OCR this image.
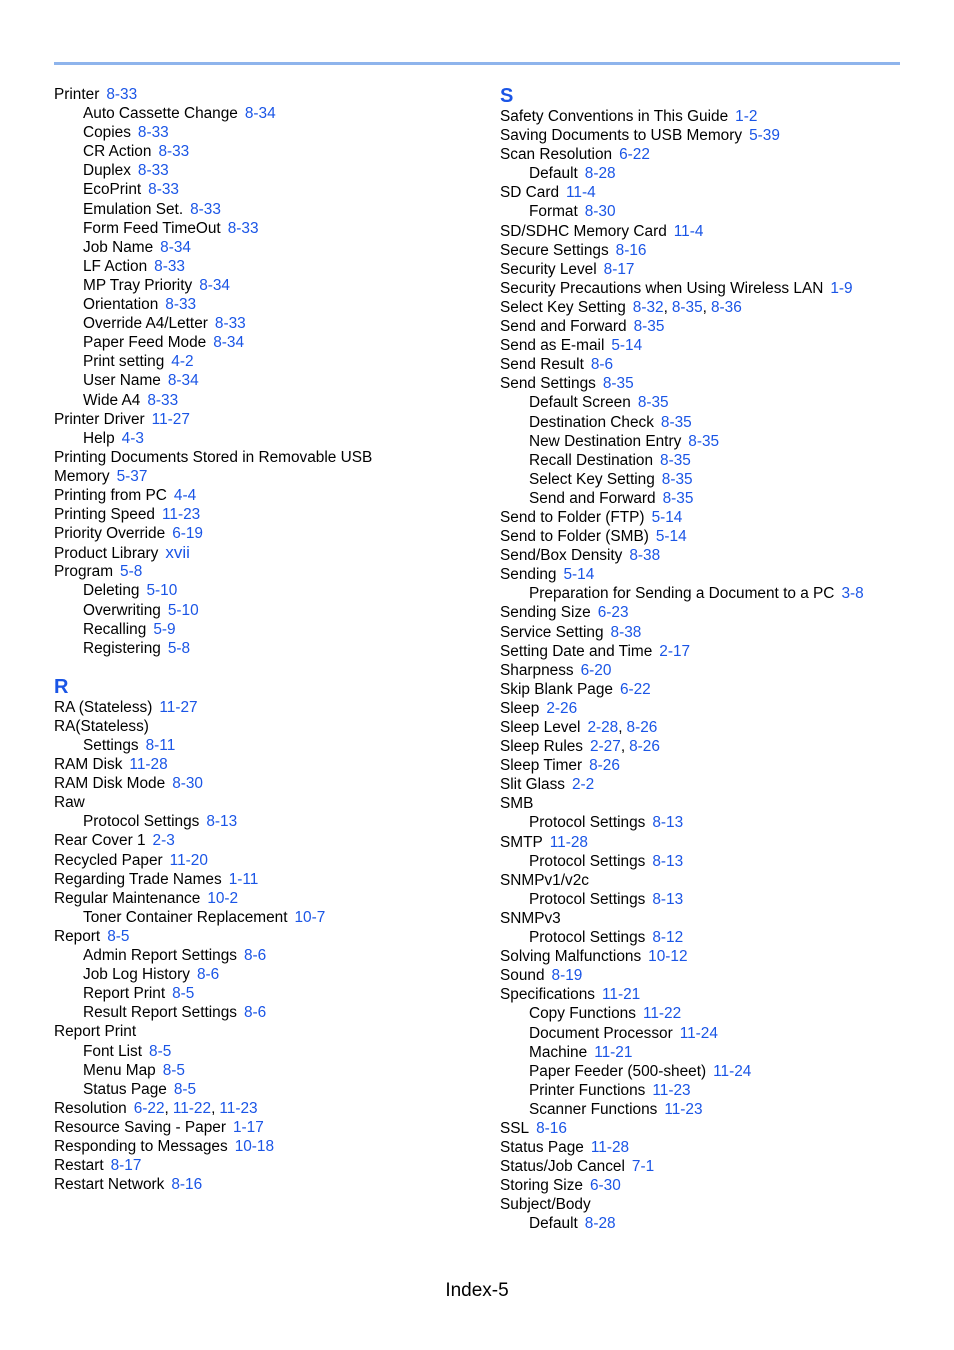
Printer 8-33
Auto Cassette Change 8-34
Copies 8-33
CR Action 8-33
Duplex 8-33
EcoPrint 8-33
Emulation Set. 8-33
Form Feed TimeOut 8-33
Job Name 8-34
LF Action 8-33
MP Tray Priority 8-34
Orientation 8-33
Override A4/Letter 8-33
Paper Feed Mode 8-34
Print setting 4-2
User Name 8-34
Wide A4 8-33
Printer Driver 11-27
Help 4-3
Printing Documents Stored in Removable USB
Memory 5-37
Printing from PC 4-4
Printing Speed 11-23
Priority Override 6-19
Product Library xvii
Program 5-8
Deleting 5-10
Overwriting 5-10
Recalling 5-9
Registering 5-8
R
RA (Stateless) 11-27
RA(Stateless)
Settings 8-11
RAM Disk 11-28
RAM Disk Mode 8-30
Raw
Protocol Settings 8-13
Rear Cover 1 2-3
Recycled Paper 11-20
Regarding Trade Names 1-11
Regular Maintenance 10-2
Toner Container Replacement 10-7
Report 8-5
Admin Report Settings 8-6
Job Log History 8-6
Report Print 8-5
Result Report Settings 8-6
Report Print
Font List 8-5
Menu Map 8-5
Status Page 8-5
Resolution 6-22, 11-22, 11-23
Resource Saving - Paper 1-17
Responding to Messages 10-18
Restart 8-17
Restart Network 8-16
S
Safety Conventions in This Guide 1-2
Saving Documents to USB Memory 5-39
Scan Resolution 6-22
Default 8-28
SD Card 11-4
Format 8-30
SD/SDHC Memory Card 11-4
Secure Settings 8-16
Security Level 8-17
Security Precautions when Using Wireless LAN 1-9
Select Key Setting 8-32, 8-35, 8-36
Send and Forward 8-35
Send as E-mail 5-14
Send Result 8-6
Send Settings 8-35
Default Screen 8-35
Destination Check 8-35
New Destination Entry 8-35
Recall Destination 8-35
Select Key Setting 8-35
Send and Forward 8-35
Send to Folder (FTP) 5-14
Send to Folder (SMB) 5-14
Send/Box Density 8-38
Sending 5-14
Preparation for Sending a Document to a PC 3-8
Sending Size 6-23
Service Setting 8-38
Setting Date and Time 2-17
Sharpness 6-20
Skip Blank Page 6-22
Sleep 2-26
Sleep Level 2-28, 8-26
Sleep Rules 2-27, 8-26
Sleep Timer 8-26
Slit Glass 2-2
SMB
Protocol Settings 8-13
SMTP 11-28
Protocol Settings 8-13
SNMPv1/v2c
Protocol Settings 8-13
SNMPv3
Protocol Settings 8-12
Solving Malfunctions 10-12
Sound 8-19
Specifications 11-21
Copy Functions 11-22
Document Processor 11-24
Machine 11-21
Paper Feeder (500-sheet) 11-24
Printer Functions 11-23
Scanner Functions 11-23
SSL 8-16
Status Page 11-28
Status/Job Cancel 7-1
Storing Size 6-30
Subject/Body
Default 8-28
Index-5
